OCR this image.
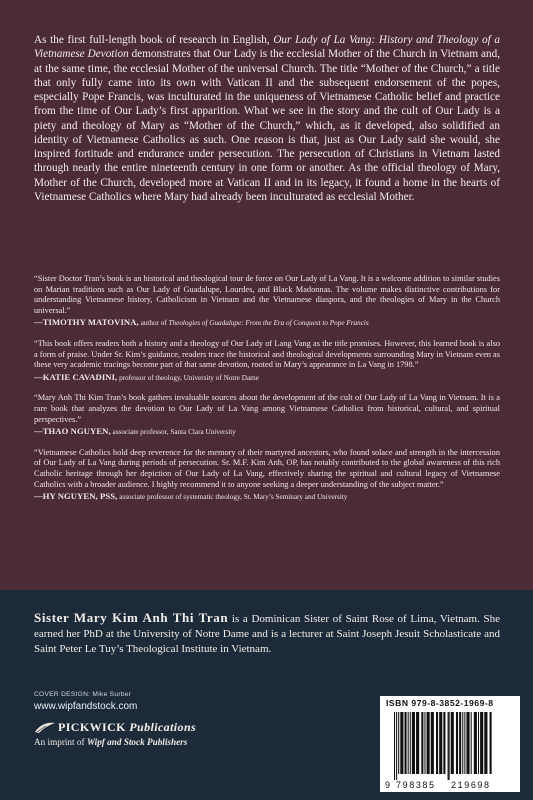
As the first full-length book of research in English, Our Lady of La Vang: History and Theology of a Vietnamese Devotion demonstrates that Our Lady is the ecclesial Mother of the Church in Vietnam and, at the same time, the ecclesial Mother of the universal Church. The title “Mother of the Church,” a title that only fully came into its own with Vatican II and the subsequent endorsement of the popes, especially Pope Francis, was inculturated in the uniqueness of Vietnamese Catholic belief and practice from the time of Our Lady’s first apparition. What we see in the story and the cult of Our Lady is a piety and theology of Mary as “Mother of the Church,” which, as it developed, also solidified an identity of Vietnamese Catholics as such. One reason is that, just as Our Lady said she would, she inspired fortitude and endurance under persecution. The persecution of Christians in Vietnam lasted through nearly the entire nineteenth century in one form or another. As the official theology of Mary, Mother of the Church, developed more at Vatican II and in its legacy, it found a home in the hearts of Vietnamese Catholics where Mary had already been inculturated as ecclesial Mother.
“Sister Doctor Tran’s book is an historical and theological tour de force on Our Lady of La Vang. It is a welcome addition to similar studies on Marian traditions such as Our Lady of Guadalupe, Lourdes, and Black Madonnas. The volume makes distinctive contributions for understanding Vietnamese history, Catholicism in Vietnam and the Vietnamese diaspora, and the theologies of Mary in the Church universal.”
—TIMOTHY MATOVINA, author of Theologies of Guadalupe: From the Era of Conquest to Pope Francis
“This book offers readers both a history and a theology of Our Lady of Lang Vang as the title promises. However, this learned book is also a form of praise. Under Sr. Kim’s guidance, readers trace the historical and theological developments surrounding Mary in Vietnam even as these very academic tracings become part of that same devotion, rooted in Mary’s appearance in La Vang in 1798.”
—KATIE CAVADINI, professor of theology, University of Notre Dame
“Mary Anh Thi Kim Tran’s book gathers invaluable sources about the development of the cult of Our Lady of La Vang in Vietnam. It is a rare book that analyzes the devotion to Our Lady of La Vang among Vietnamese Catholics from historical, cultural, and spiritual perspectives.”
—THAO NGUYEN, associate professor, Santa Clara University
“Vietnamese Catholics hold deep reverence for the memory of their martyred ancestors, who found solace and strength in the intercession of Our Lady of La Vang during periods of persecution. Sr. M.F. Kim Anh, OP, has notably contributed to the global awareness of this rich Catholic heritage through her depiction of Our Lady of La Vang, effectively sharing the spiritual and cultural legacy of Vietnamese Catholics with a broader audience. I highly recommend it to anyone seeking a deeper understanding of the subject matter.”
—HY NGUYEN, PSS, associate professor of systematic theology, St. Mary’s Seminary and University
Sister Mary Kim Anh Thi Tran is a Dominican Sister of Saint Rose of Lima, Vietnam. She earned her PhD at the University of Notre Dame and is a lecturer at Saint Joseph Jesuit Scholasticate and Saint Peter Le Tuy’s Theological Institute in Vietnam.
COVER DESIGN: Mike Surber
www.wipfandstock.com
PICKWICK Publications
An imprint of Wipf and Stock Publishers
ISBN 979-8-3852-1969-8
9 798385 219698
